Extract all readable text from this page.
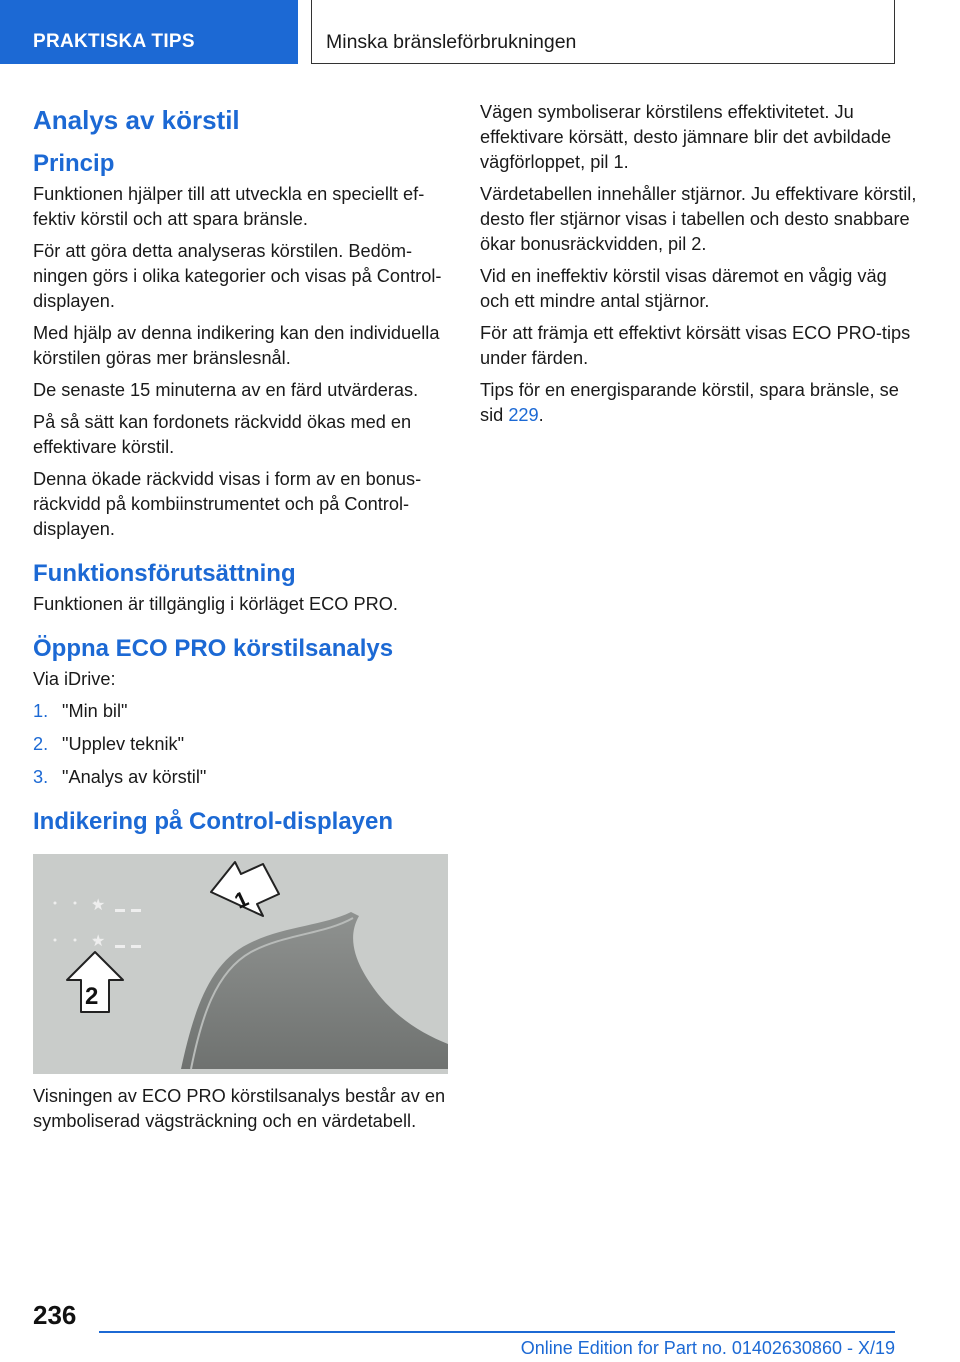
PRAKTISKA TIPS	Minska bränsleförbrukningen
Analys av körstil
Princip

Funktionen hjälper till att utveckla en speciellt effektiv körstil och att spara bränsle.

För att göra detta analyseras körstilen. Bedömningen görs i olika kategorier och visas på Control-displayen.

Med hjälp av denna indikering kan den individuella körstilen göras mer bränslesnål.

De senaste 15 minuterna av en färd utvärderas.

På så sätt kan fordonets räckvidd ökas med en effektivare körstil.

Denna ökade räckvidd visas i form av en bonusräckvidd på kombiinstrumentet och på Control-displayen.

Funktionsförutsättning

Funktionen är tillgänglig i körläget ECO PRO.

Öppna ECO PRO körstilsanalys

Via iDrive:

1. "Min bil"
2. "Upplev teknik"
3. "Analys av körstil"
Indikering på Control-displayen
★
★
1
2

Visningen av ECO PRO körstilsanalys består av en symboliserad vägsträckning och en värdetabell.

Vägen symboliserar körstilens effektivitetet. Ju effektivare körsätt, desto jämnare blir det avbildade vägförloppet, pil 1.

Värdetabellen innehåller stjärnor. Ju effektivare körstil, desto fler stjärnor visas i tabellen och desto snabbare ökar bonusräckvidden, pil 2.

Vid en ineffektiv körstil visas däremot en vågig väg och ett mindre antal stjärnor.

För att främja ett effektivt körsätt visas ECO PRO-tips under färden.

Tips för en energisparande körstil, spara bränsle, se sid 229.

236
Online Edition for Part no. 01402630860 - X/19
